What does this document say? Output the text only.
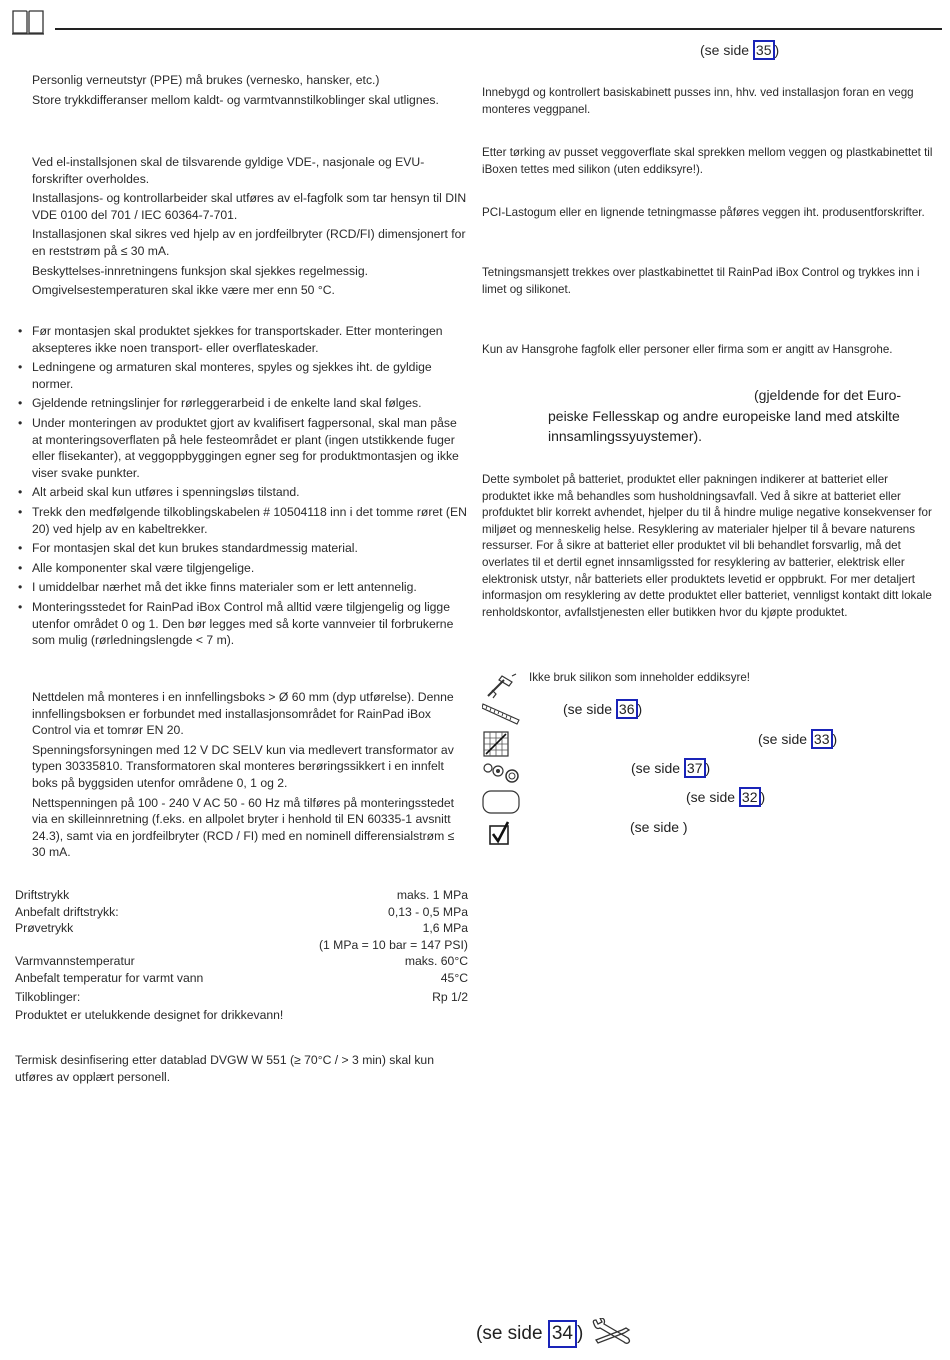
(se side 35 )
Personlig verneutstyr (PPE) må brukes (vernesko, hansker, etc.)
Store trykkdifferanser mellom kaldt- og varmtvannstilkoblinger skal utlignes.
Ved el-installsjonen skal de tilsvarende gyldige VDE-, nasjonale og EVU-forskrifter overholdes.
Installasjons- og kontrollarbeider skal utføres av el-fagfolk som tar hensyn til DIN VDE 0100 del 701 / IEC 60364-7-701.
Installasjonen skal sikres ved hjelp av en jordfeilbryter (RCD/FI) dimensjonert for en reststrøm på ≤ 30 mA.
Beskyttelses-innretningens funksjon skal sjekkes regelmessig.
Omgivelsestemperaturen skal ikke være mer enn 50 °C.
• Før montasjen skal produktet sjekkes for transportskader. Etter monteringen aksepteres ikke noen transport- eller overflateskader.
• Ledningene og armaturen skal monteres, spyles og sjekkes iht. de gyldige normer.
• Gjeldende retningslinjer for rørleggerarbeid i de enkelte land skal følges.
• Under monteringen av produktet gjort av kvalifisert fagpersonal, skal man påse at monteringsoverflaten på hele festeområdet er plant (ingen utstikkende fuger eller flisekanter), at veggoppbyggingen egner seg for produktmontasjen og ikke viser svake punkter.
• Alt arbeid skal kun utføres i spenningsløs tilstand.
• Trekk den medfølgende tilkoblingskabelen # 10504118 inn i det tomme røret (EN 20) ved hjelp av en kabeltrekker.
• For montasjen skal det kun brukes standardmessig material.
• Alle komponenter skal være tilgjengelige.
• I umiddelbar nærhet må det ikke finns materialer som er lett antennelig.
• Monteringsstedet for RainPad iBox Control må alltid være tilgjengelig og ligge utenfor området 0 og 1. Den bør legges med så korte vannveier til forbrukerne som mulig (rørledningslengde < 7 m).
Nettdelen må monteres i en innfellingsboks > Ø 60 mm (dyp utførelse). Denne innfellingsboksen er forbundet med installasjonsområdet for RainPad iBox Control via et tomrør EN 20.
Spenningsforsyningen med 12 V DC SELV kun via medlevert transformator av typen 30335810. Transformatoren skal monteres berøringssikkert i en innfelt boks på byggsiden utenfor områdene 0, 1 og 2.
Nettspenningen på 100 - 240 V AC 50 - 60 Hz må tilføres på monteringsstedet via en skilleinnretning (f.eks. en allpolet bryter i henhold til EN 60335-1 avsnitt 24.3), samt via en jordfeilbryter (RCD / FI) med en nominell differensialstrøm ≤ 30 mA.
Driftstrykk	maks. 1 MPa
Anbefalt driftstrykk:	0,13 - 0,5 MPa
Prøvetrykk	1,6 MPa
(1 MPa = 10 bar = 147 PSI)
Varmvannstemperatur	maks. 60°C
Anbefalt temperatur for varmt vann	45°C
Tilkoblinger:	Rp 1/2
Produktet er utelukkende designet for drikkevann!
Termisk desinfisering etter datablad DVGW W 551 (≥ 70°C / > 3 min) skal kun utføres av opplært personell.
Innebygd og kontrollert basiskabinett pusses inn, hhv. ved installasjon foran en vegg monteres veggpanel.
Etter tørking av pusset veggoverflate skal sprekken mellom veggen og plastkabinettet til iBoxen tettes med silikon (uten eddiksyre!).
PCI-Lastogum eller en lignende tetningmasse påføres veggen iht. produsentforskrifter.
Tetningsmansjett trekkes over plastkabinettet til RainPad iBox Control og trykkes inn i limet og silikonet.
Kun av Hansgrohe fagfolk eller personer eller firma som er angitt av Hansgrohe.
(gjeldende for det Euro-
peiske Fellesskap og andre europeiske land med atskilte
innsamlingssyuystemer).
Dette symbolet på batteriet, produktet eller pakningen indikerer at batteriet eller produktet ikke må behandles som husholdningsavfall. Ved å sikre at batteriet eller profduktet blir korrekt avhendet, hjelper du til å hindre mulige negative konsekvenser for miljøet og menneskelig helse. Resyklering av materialer hjelper til å bevare naturens ressurser. For å sikre at batteriet eller produktet vil bli behandlet forsvarlig, må det overlates til et dertil egnet innsamligssted for resyklering av batterier, elektrisk eller elektronisk utstyr, når batteriets eller produktets levetid er oppbrukt. For mer detaljert informasjon om resyklering av dette produktet eller batteriet, vennligst kontakt ditt lokale renholdskontor, avfallstjenesten eller butikken hvor du kjøpte produktet.
Ikke bruk silikon som inneholder eddiksyre!
(se side 36 )
(se side 33 )
(se side 37 )
(se side 32 )
(se side )
(se side 34 )
